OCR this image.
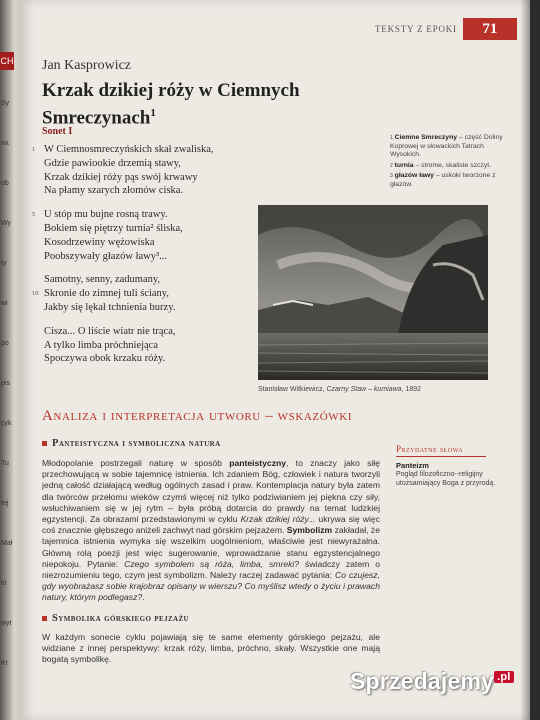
CH
Sy
tw.
ob
Wy
ty
wi
po
pis
cyk
Tu
tej
Mał
kt
wyt
Kr
TEKSTY Z EPOKI	71
Jan Kasprowicz
Krzak dzikiej róży w Ciemnych Smreczynach$^1$
Sonet I
1 W Ciemnosmreczyńskich skał zwaliska,
Gdzie pawiookie drzemią stawy,
Krzak dzikiej róży pąs swój krwawy
Na płamy szarych złomów ciska.
5 U stóp mu bujne rosną trawy.
Bokiem się piętrzy turnia² śliska,
Kosodrzewiny wężowiska
Poobszywały głazów ławy³...
Samotny, senny, zadumany,
10 Skronie do zimnej tuli ściany,
Jakby się lękał tchnienia burzy.
Cisza... O liście wiatr nie trąca,
A tylko limba próchniejąca
Spoczywa obok krzaku róży.
$^1$ Ciemne Smreczyny – część Doliny Koprowej w słowackich Tatrach Wysokich.
$^2$ turnia – strome, skaliste szczyt.
$^3$ głazów ławy – uskoki tworzone z głazów.
Stanisław Witkiewicz, Czarny Staw – kumiawa, 1892
Analiza i interpretacja utworu – wskazówki
Panteistyczna i symboliczna natura
Młodopolanie postrzegali naturę w sposób panteistyczny, to znaczy jako siłę przechowującą w sobie tajemnicę istnienia. Ich zdaniem Bóg, człowiek i natura tworzyli jedną całość działającą według ogólnych zasad i praw. Kontemplacja natury była zatem dla twórców przełomu wieków czymś więcej niż tylko podziwianiem jej piękna czy siły, wsłuchiwaniem się w jej rytm – była próbą dotarcia do prawdy na temat ludzkiej egzystencji. Za obrazami przedstawionymi w cyklu Krzak dzikiej róży... ukrywa się więc coś znacznie głębszego aniżeli zachwyt nad górskim pejzażem. Symbolizm zakładał, że tajemnica istnienia wymyka się wszelkim uogólnieniom, właściwie jest niewyrażalna. Główną rolą poezji jest więc sugerowanie, wprowadzanie stanu egzystencjalnego niepokoju. Pytanie: Czego symbolem są róża, limba, smreki? świadczy zatem o niezrozumieniu tego, czym jest symbolizm. Należy raczej zadawać pytania: Co czujesz, gdy wyobrażasz sobie krajobraz opisany w wierszu? Co myślisz wtedy o życiu i prawach natury, którym podlegasz?.
Symbolika górskiego pejzażu
W każdym sonecie cyklu pojawiają się te same elementy górskiego pejzażu, ale widziane z innej perspektywy: krzak róży, limba, próchno, skały. Wszystkie one mają bogatą symbolikę.
Przydatne słowa
Panteizm
Pogląd filozoficzno--religijny utożsamiający Boga z przyrodą.
Sprzedajemy $^{.pl}$
